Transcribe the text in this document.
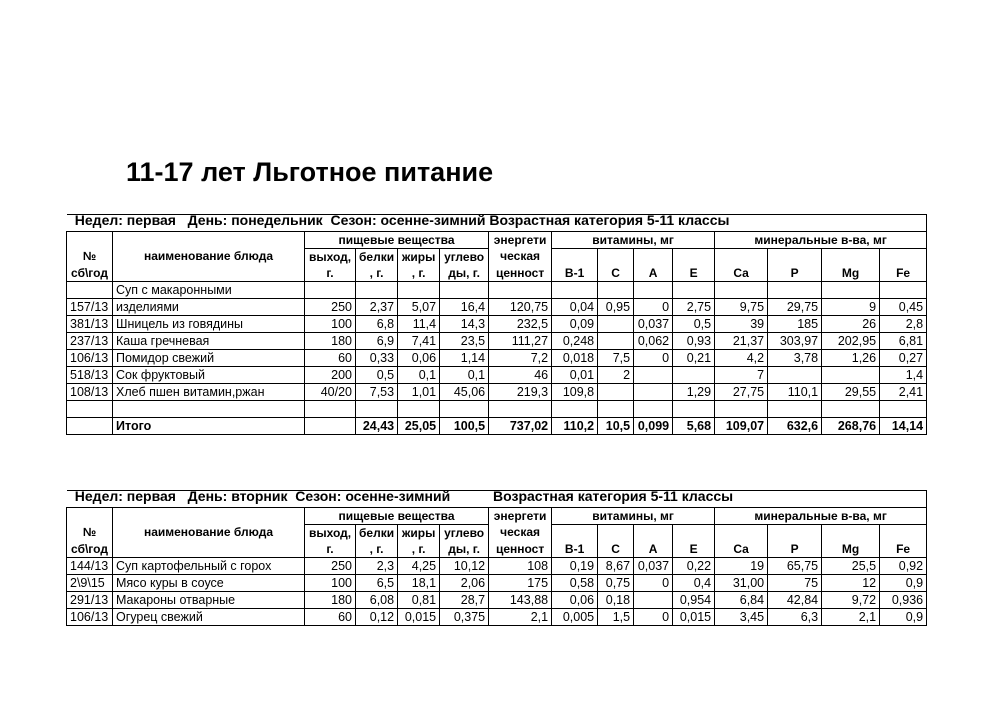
11-17 лет Льготное питание

Недел: первая День: понедельник Сезон: осенне-зимний Возрастная категория 5-11 классы

		пищевые вещества				энергети	витамины, мг				минеральные в-ва, мг			
№	наименование блюда	выход,	белки	жиры	углево	ческая								
сб\год		г.	, г.	, г.	ды, г.	ценност	B-1	C	A	E	Ca	P	Mg	Fe
	Суп с макаронными													
157/13	изделиями	250	2,37	5,07	16,4	120,75	0,04	0,95	0	2,75	9,75	29,75	9	0,45
381/13	Шницель из говядины	100	6,8	11,4	14,3	232,5	0,09		0,037	0,5	39	185	26	2,8
237/13	Каша гречневая	180	6,9	7,41	23,5	111,27	0,248		0,062	0,93	21,37	303,97	202,95	6,81
106/13	Помидор свежий	60	0,33	0,06	1,14	7,2	0,018	7,5	0	0,21	4,2	3,78	1,26	0,27
518/13	Сок фруктовый	200	0,5	0,1	0,1	46	0,01	2			7			1,4
108/13	Хлеб пшен витамин,ржан	40/20	7,53	1,01	45,06	219,3	109,8			1,29	27,75	110,1	29,55	2,41

	Итого		24,43	25,05	100,5	737,02	110,2	10,5	0,099	5,68	109,07	632,6	268,76	14,14

Недел: первая День: вторник Сезон: осенне-зимний	Возрастная категория 5-11 классы

		пищевые вещества				энергети	витамины, мг				минеральные в-ва, мг			
№	наименование блюда	выход,	белки	жиры	углево	ческая								
сб\год		г.	, г.	, г.	ды, г.	ценност	B-1	C	A	E	Ca	P	Mg	Fe
144/13	Суп картофельный с горох	250	2,3	4,25	10,12	108	0,19	8,67	0,037	0,22	19	65,75	25,5	0,92
2\9\15	Мясо куры в соусе	100	6,5	18,1	2,06	175	0,58	0,75	0	0,4	31,00	75	12	0,9
291/13	Макароны отварные	180	6,08	0,81	28,7	143,88	0,06	0,18		0,954	6,84	42,84	9,72	0,936
106/13	Огурец свежий	60	0,12	0,015	0,375	2,1	0,005	1,5	0	0,015	3,45	6,3	2,1	0,9
